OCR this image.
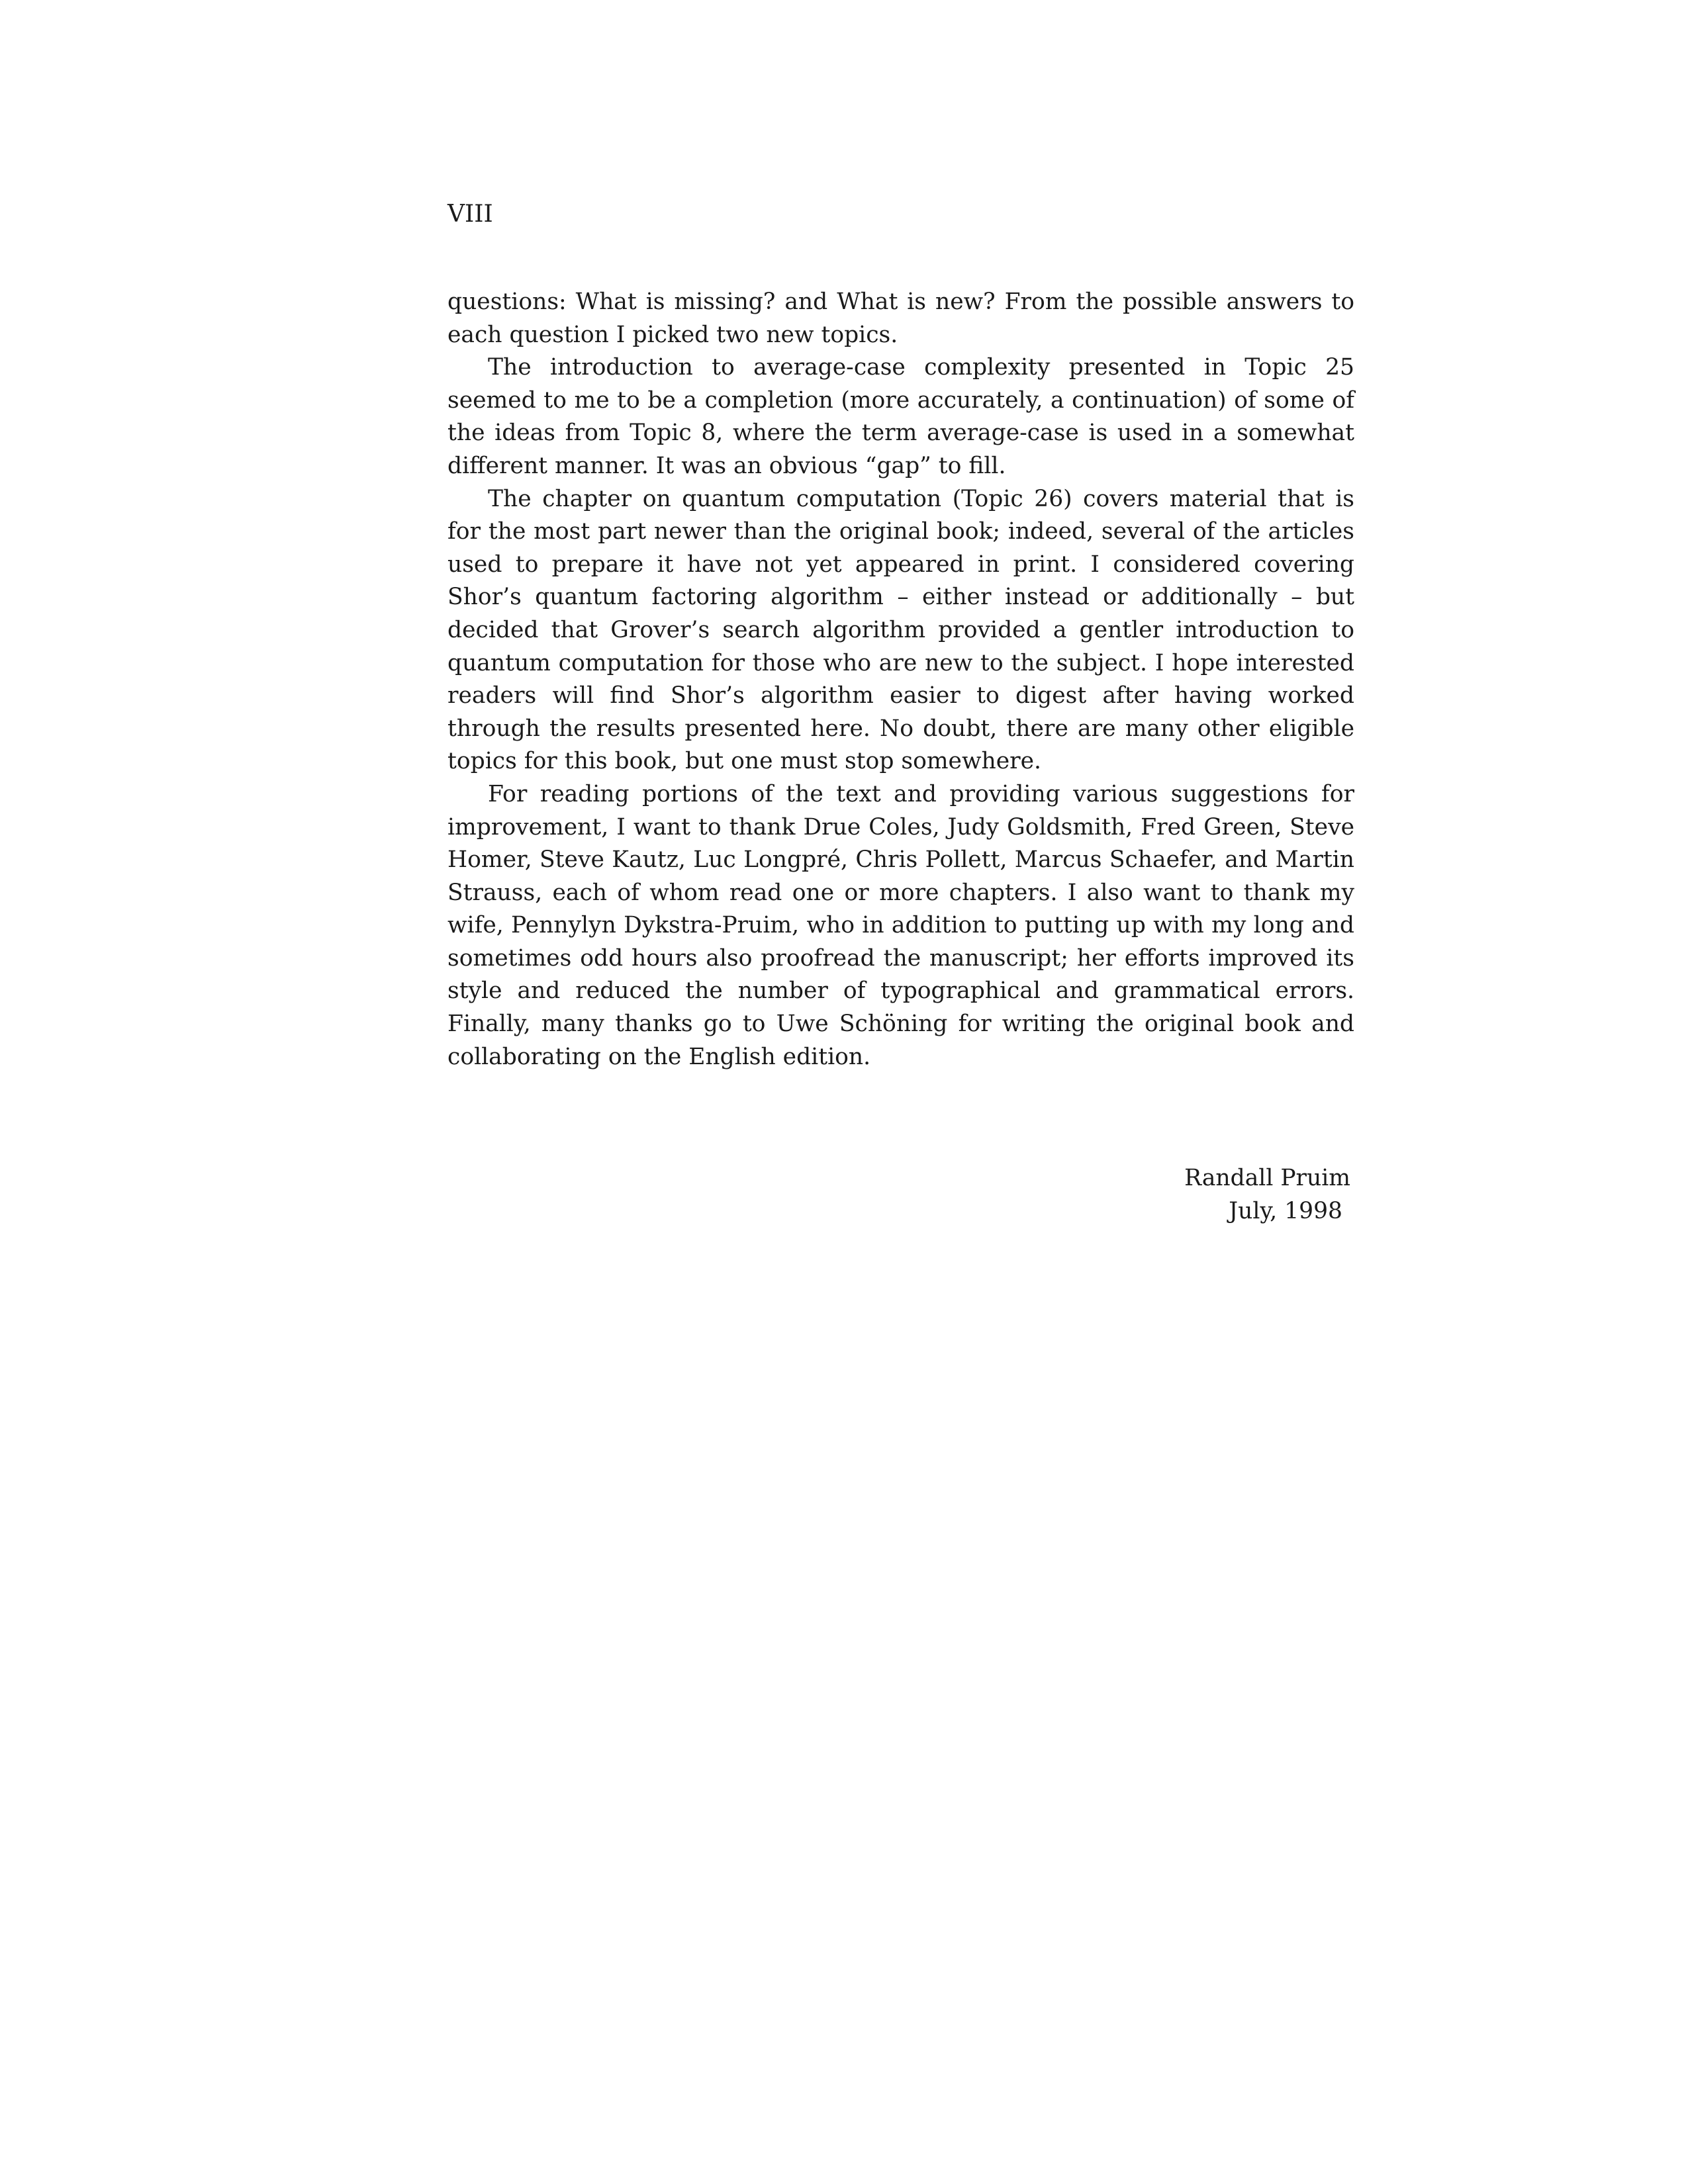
VIII

questions: What is missing? and What is new? From the possible answers to each question I picked two new topics.

The introduction to average-case complexity presented in Topic 25 seemed to me to be a completion (more accurately, a continuation) of some of the ideas from Topic 8, where the term average-case is used in a somewhat different manner. It was an obvious “gap” to fill.

The chapter on quantum computation (Topic 26) covers material that is for the most part newer than the original book; indeed, several of the articles used to prepare it have not yet appeared in print. I considered covering Shor’s quantum factoring algorithm – either instead or additionally – but decided that Grover’s search algorithm provided a gentler introduction to quantum computation for those who are new to the subject. I hope interested readers will find Shor’s algorithm easier to digest after having worked through the results presented here. No doubt, there are many other eligible topics for this book, but one must stop somewhere.

For reading portions of the text and providing various suggestions for improvement, I want to thank Drue Coles, Judy Goldsmith, Fred Green, Steve Homer, Steve Kautz, Luc Longpré, Chris Pollett, Marcus Schaefer, and Martin Strauss, each of whom read one or more chapters. I also want to thank my wife, Pennylyn Dykstra-Pruim, who in addition to putting up with my long and sometimes odd hours also proofread the manuscript; her efforts improved its style and reduced the number of typographical and grammatical errors. Finally, many thanks go to Uwe Schöning for writing the original book and collaborating on the English edition.

Randall Pruim
July, 1998
